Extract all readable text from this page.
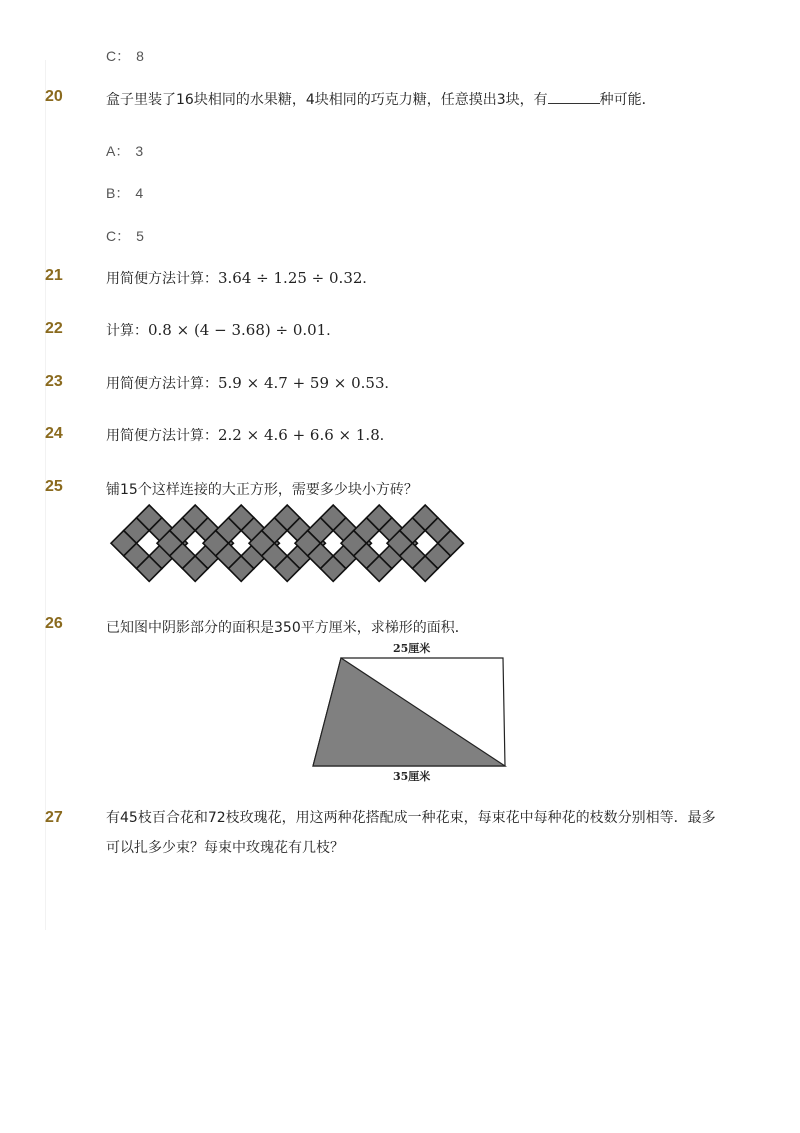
C： 8
20	盒子里装了16块相同的水果糖，4块相同的巧克力糖，任意摸出3块，有	种可能．
A： 3
B： 4
C： 5
21	用简便方法计算：3.64 ÷ 1.25 ÷ 0.32．
22	计算：0.8 × (4 − 3.68) ÷ 0.01．
23	用简便方法计算：5.9 × 4.7 + 59 × 0.53．
24	用简便方法计算：2.2 × 4.6 + 6.6 × 1.8．
25	铺15个这样连接的大正方形，需要多少块小方砖？
26	已知图中阴影部分的面积是350平方厘米，求梯形的面积．
25厘米
35厘米
27	有45枝百合花和72枝玫瑰花，用这两种花搭配成一种花束，每束花中每种花的枝数分别相等．最多可以扎多少束？每束中玫瑰花有几枝？
